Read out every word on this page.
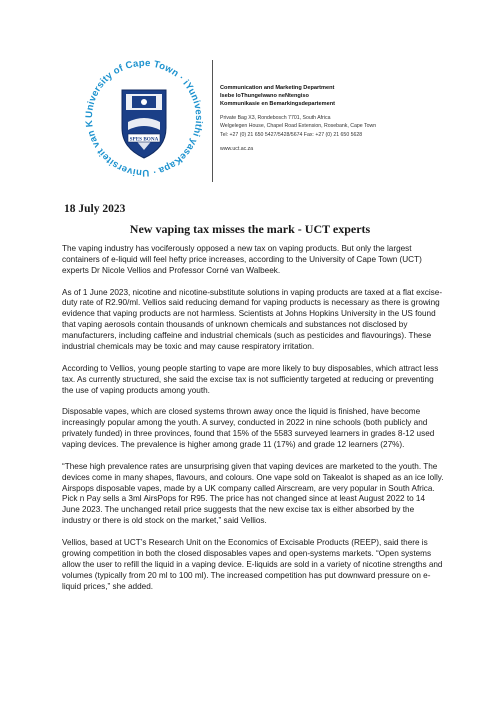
University of Cape Town · iYunivesithi yaseKapa · Universiteit van K
SPES BONA
Communication and Marketing Department
Isebe loThungelwano neNtengiso
Kommunikasie en Bemarkingsdepartement
Private Bag X3, Rondebosch 7701, South Africa
Welgelegen House, Chapel Road Extension, Rosebank, Cape Town
Tel: +27 (0) 21 650 5427/5428/5674 Fax: +27 (0) 21 650 5628
www.uct.ac.za
18 July 2023
New vaping tax misses the mark - UCT experts

The vaping industry has vociferously opposed a new tax on vaping products. But only the largest containers of e-liquid will feel hefty price increases, according to the University of Cape Town (UCT) experts Dr Nicole Vellios and Professor Corné van Walbeek.

As of 1 June 2023, nicotine and nicotine-substitute solutions in vaping products are taxed at a flat excise-duty rate of R2.90/ml. Vellios said reducing demand for vaping products is necessary as there is growing evidence that vaping products are not harmless. Scientists at Johns Hopkins University in the US found that vaping aerosols contain thousands of unknown chemicals and substances not disclosed by manufacturers, including caffeine and industrial chemicals (such as pesticides and flavourings). These industrial chemicals may be toxic and may cause respiratory irritation.

According to Vellios, young people starting to vape are more likely to buy disposables, which attract less tax. As currently structured, she said the excise tax is not sufficiently targeted at reducing or preventing the use of vaping products among youth.

Disposable vapes, which are closed systems thrown away once the liquid is finished, have become increasingly popular among the youth. A survey, conducted in 2022 in nine schools (both publicly and privately funded) in three provinces, found that 15% of the 5583 surveyed learners in grades 8-12 used vaping devices. The prevalence is higher among grade 11 (17%) and grade 12 learners (27%).

“These high prevalence rates are unsurprising given that vaping devices are marketed to the youth. The devices come in many shapes, flavours, and colours. One vape sold on Takealot is shaped as an ice lolly. Airspops disposable vapes, made by a UK company called Airscream, are very popular in South Africa. Pick n Pay sells a 3ml AirsPops for R95. The price has not changed since at least August 2022 to 14 June 2023. The unchanged retail price suggests that the new excise tax is either absorbed by the industry or there is old stock on the market,” said Vellios.

Vellios, based at UCT’s Research Unit on the Economics of Excisable Products (REEP), said there is growing competition in both the closed disposables vapes and open-systems markets. “Open systems allow the user to refill the liquid in a vaping device. E-liquids are sold in a variety of nicotine strengths and volumes (typically from 20 ml to 100 ml). The increased competition has put downward pressure on e-liquid prices,” she added.
